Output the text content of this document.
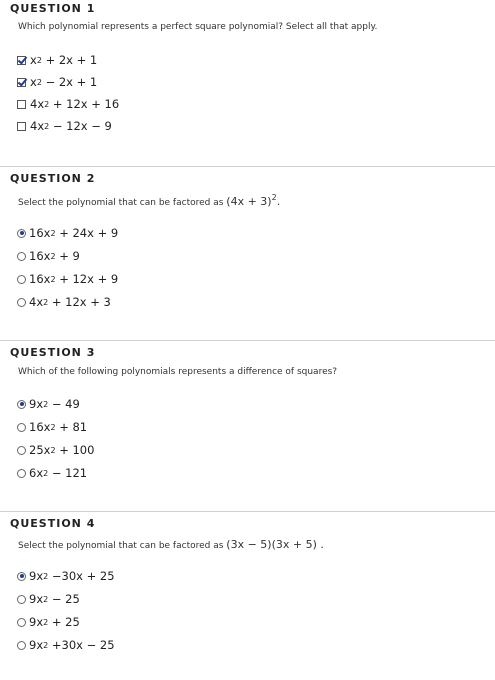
QUESTION 1
Which polynomial represents a perfect square polynomial? Select all that apply.
x 2
+ 2x + 1
x 2
− 2x + 1
4x 2
+ 12x + 16
4x 2
− 12x − 9
QUESTION 2
Select the polynomial that can be factored as $(4x + 3)^2$.
16x 2
+ 24x + 9
16x 2
+ 9
16x 2
+ 12x + 9
4x 2
+ 12x + 3
QUESTION 3
Which of the following polynomials represents a difference of squares?
9x 2
− 49
16x 2
+ 81
25x 2
+ 100
6x 2
− 121
QUESTION 4
Select the polynomial that can be factored as (3x − 5)(3x + 5) .
9x 2
−30x + 25
9x 2
− 25
9x 2
+ 25
9x 2
+30x − 25
